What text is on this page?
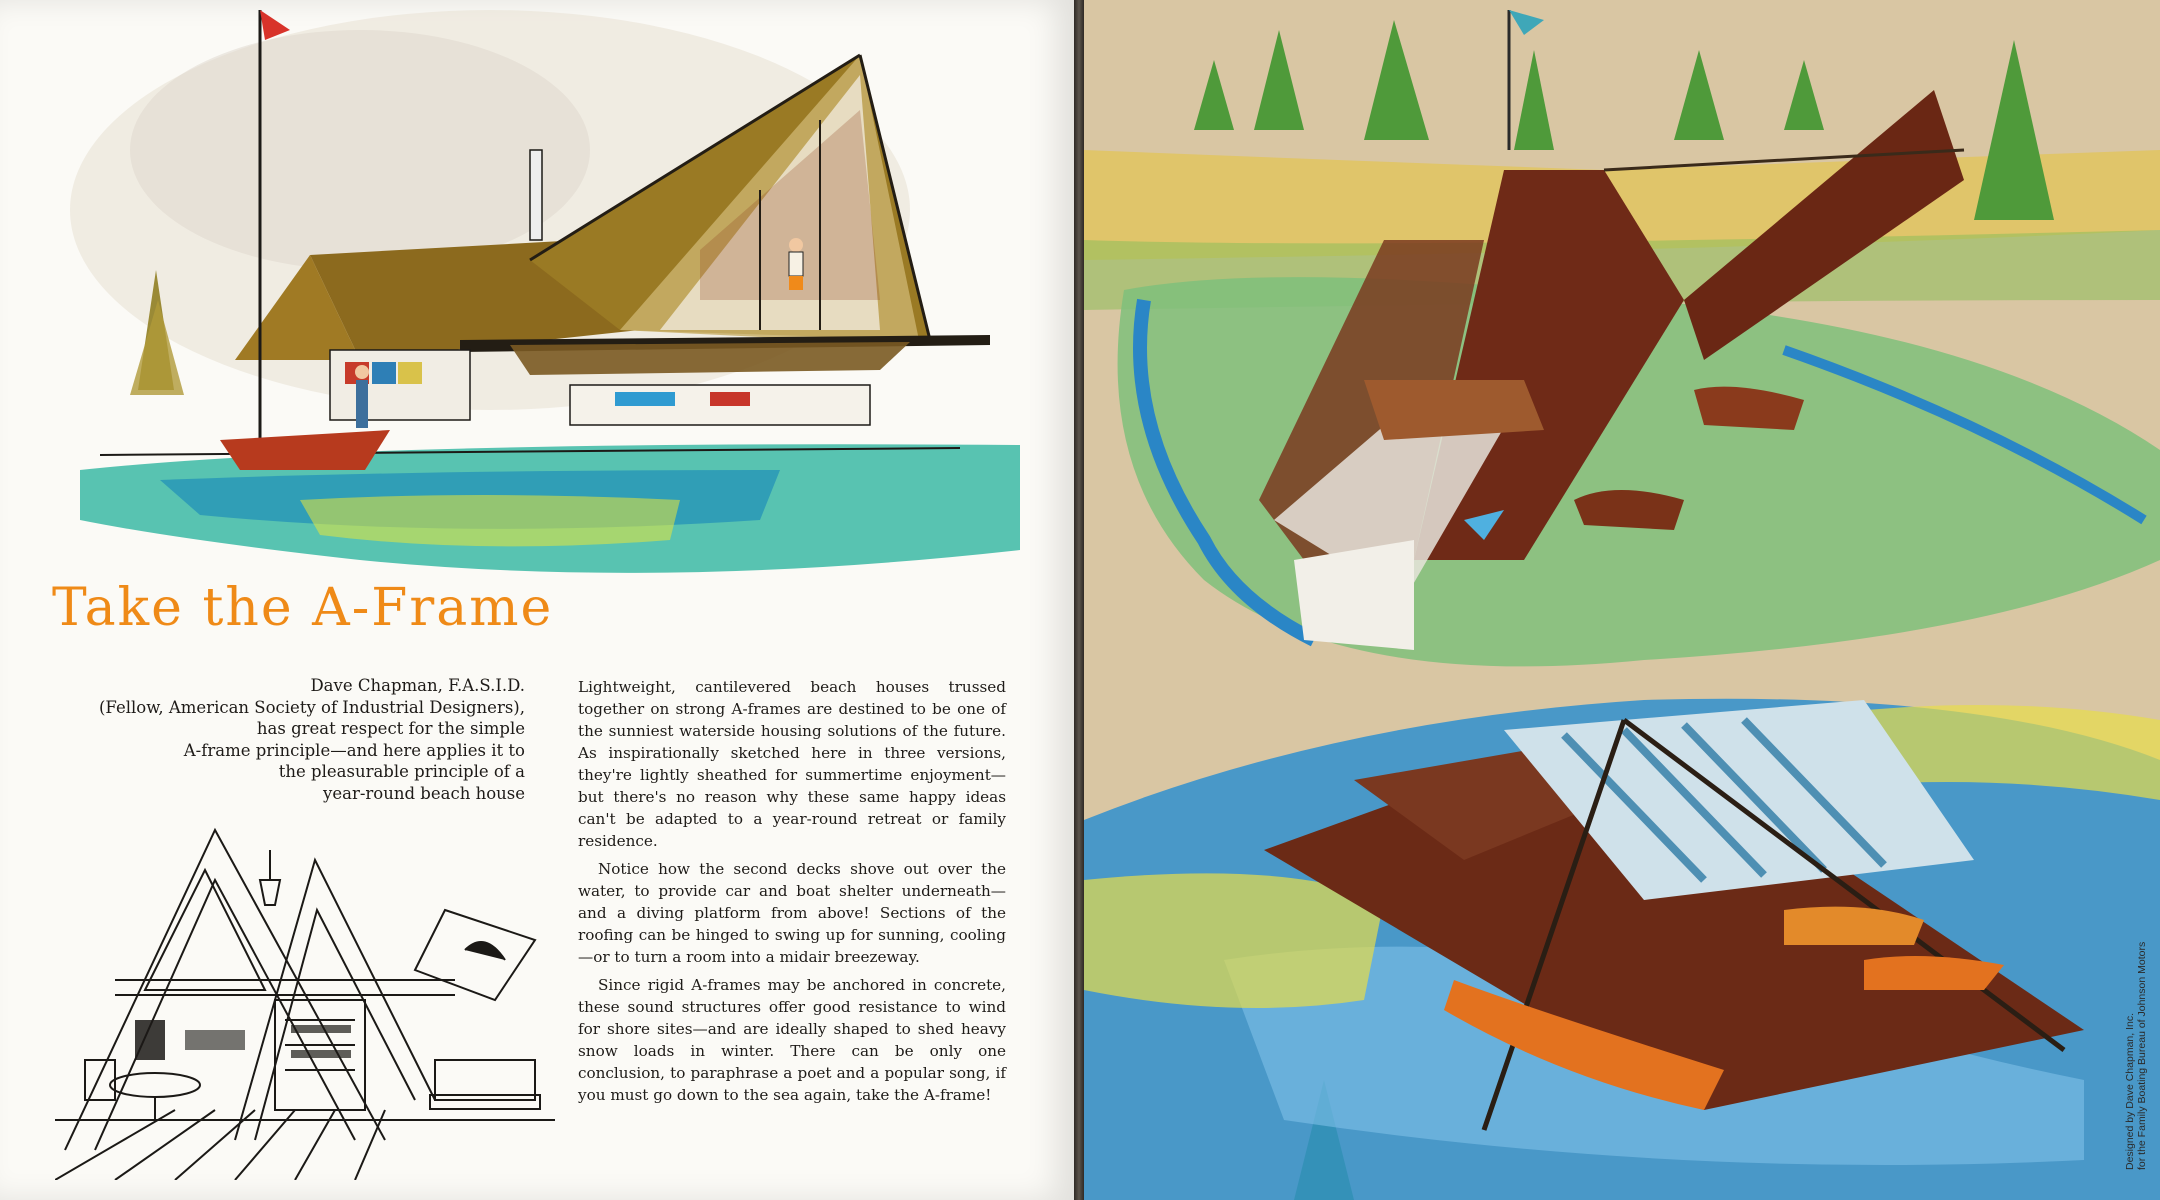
Take the A-Frame
Dave Chapman, F.A.S.I.D.
(Fellow, American Society of Industrial Designers),
has great respect for the simple
A-frame principle—and here applies it to
the pleasurable principle of a
year-round beach house

Lightweight, cantilevered beach houses trussed together on strong A-frames are destined to be one of the sunniest waterside housing solutions of the future. As inspirationally sketched here in three versions, they're lightly sheathed for summertime enjoyment—but there's no reason why these same happy ideas can't be adapted to a year-round retreat or family residence.

Notice how the second decks shove out over the water, to provide car and boat shelter underneath—and a diving platform from above! Sections of the roofing can be hinged to swing up for sunning, cooling—or to turn a room into a midair breezeway.

Since rigid A-frames may be anchored in concrete, these sound structures offer good resistance to wind for shore sites—and are ideally shaped to shed heavy snow loads in winter. There can be only one conclusion, to paraphrase a poet and a popular song, if you must go down to the sea again, take the A-frame!	Designed by Dave Chapman, Inc. for the Family Boating Bureau of Johnson Motors
